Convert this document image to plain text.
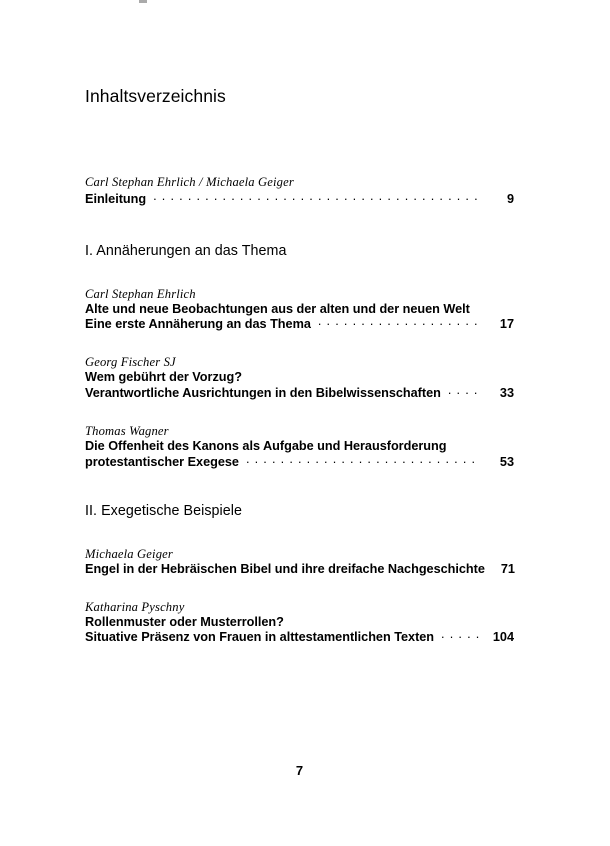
Inhaltsverzeichnis
Carl Stephan Ehrlich / Michaela Geiger
Einleitung .....	9
I. Annäherungen an das Thema
Carl Stephan Ehrlich
Alte und neue Beobachtungen aus der alten und der neuen Welt
Eine erste Annäherung an das Thema .....	17
Georg Fischer SJ
Wem gebührt der Vorzug?
Verantwortliche Ausrichtungen in den Bibelwissenschaften .....	33
Thomas Wagner
Die Offenheit des Kanons als Aufgabe und Herausforderung
protestantischer Exegese .....	53
II. Exegetische Beispiele
Michaela Geiger
Engel in der Hebräischen Bibel und ihre dreifache Nachgeschichte	71
Katharina Pyschny
Rollenmuster oder Musterrollen?
Situative Präsenz von Frauen in alttestamentlichen Texten .....	104
7
